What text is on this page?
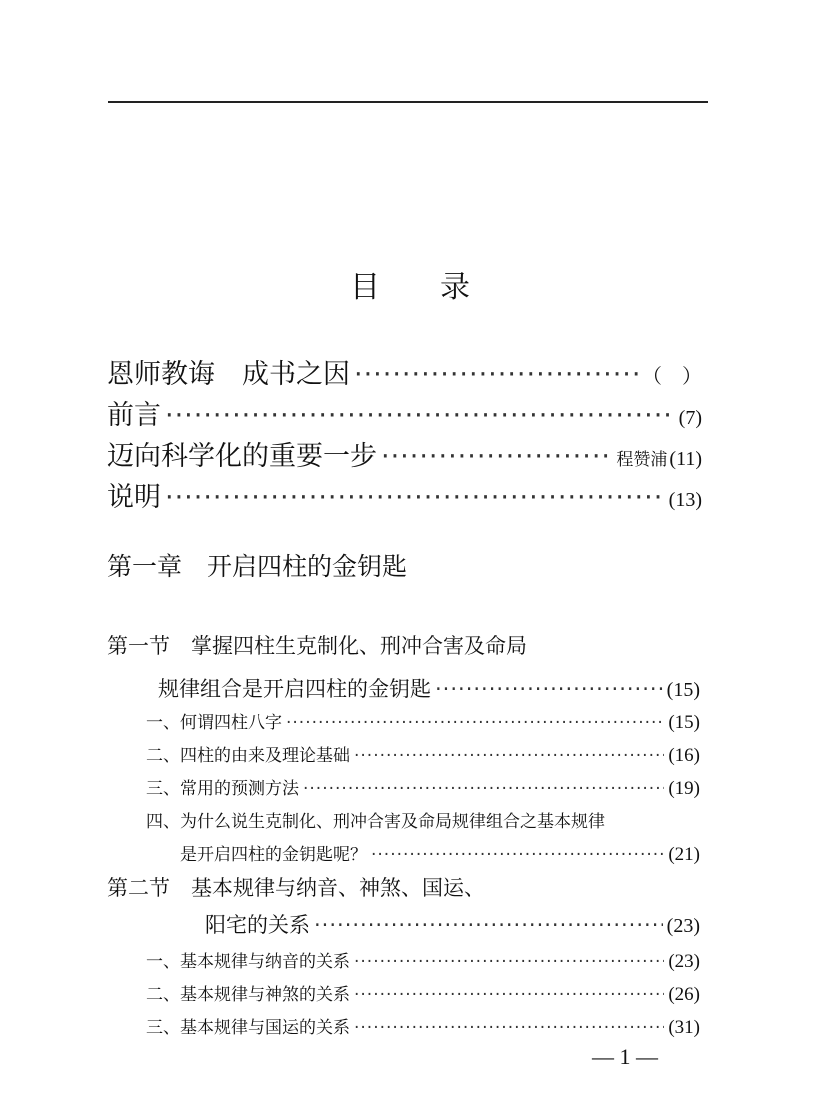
目　　录
恩师教诲　成书之因 ·····	（　）
前言 ·····	(7)
迈向科学化的重要一步 ·····	程赞浦 (11)
说明 ·····	(13)
第一章　开启四柱的金钥匙
第一节　掌握四柱生克制化、刑冲合害及命局
规律组合是开启四柱的金钥匙 ·····	(15)
一、何谓四柱八字 ·····	(15)
二、四柱的由来及理论基础 ·····	(16)
三、常用的预测方法 ·····	(19)
四、为什么说生克制化、刑冲合害及命局规律组合之基本规律
是开启四柱的金钥匙呢？ ·····	(21)
第二节　基本规律与纳音、神煞、国运、
阳宅的关系 ·····	(23)
一、基本规律与纳音的关系 ·····	(23)
二、基本规律与神煞的关系 ·····	(26)
三、基本规律与国运的关系 ·····	(31)
— 1 —
